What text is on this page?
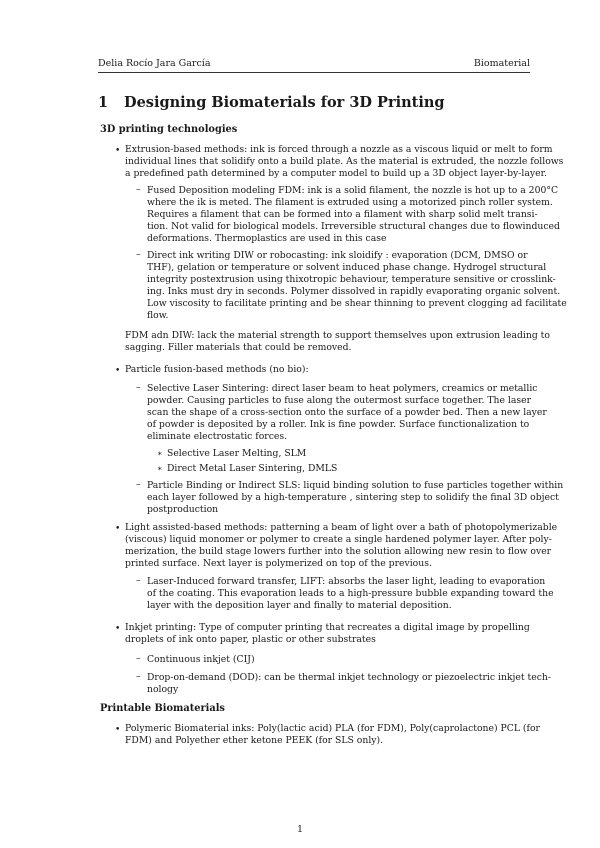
Delia Rocío Jara García	Biomaterial
1 Designing Biomaterials for 3D Printing
3D printing technologies
• Extrusion-based methods: ink is forced through a nozzle as a viscous liquid or melt to form
individual lines that solidify onto a build plate. As the material is extruded, the nozzle follows
a predefined path determined by a computer model to build up a 3D object layer-by-layer.
– Fused Deposition modeling FDM: ink is a solid filament, the nozzle is hot up to a 200°C
where the ik is meted. The filament is extruded using a motorized pinch roller system.
Requires a filament that can be formed into a filament with sharp solid melt transi-
tion. Not valid for biological models. Irreversible structural changes due to flowinduced
deformations. Thermoplastics are used in this case
– Direct ink writing DIW or robocasting: ink sloidify : evaporation (DCM, DMSO or
THF), gelation or temperature or solvent induced phase change. Hydrogel structural
integrity postextrusion using thixotropic behaviour, temperature sensitive or crosslink-
ing. Inks must dry in seconds. Polymer dissolved in rapidly evaporating organic solvent.
Low viscosity to facilitate printing and be shear thinning to prevent clogging ad facilitate
flow.
FDM adn DIW: lack the material strength to support themselves upon extrusion leading to
sagging. Filler materials that could be removed.
• Particle fusion-based methods (no bio):
– Selective Laser Sintering: direct laser beam to heat polymers, creamics or metallic
powder. Causing particles to fuse along the outermost surface together. The laser
scan the shape of a cross-section onto the surface of a powder bed. Then a new layer
of powder is deposited by a roller. Ink is fine powder. Surface functionalization to
eliminate electrostatic forces.
∗ Selective Laser Melting, SLM
∗ Direct Metal Laser Sintering, DMLS
– Particle Binding or Indirect SLS: liquid binding solution to fuse particles together within
each layer followed by a high-temperature , sintering step to solidify the final 3D object
postproduction
• Light assisted-based methods: patterning a beam of light over a bath of photopolymerizable
(viscous) liquid monomer or polymer to create a single hardened polymer layer. After poly-
merization, the build stage lowers further into the solution allowing new resin to flow over
printed surface. Next layer is polymerized on top of the previous.
– Laser-Induced forward transfer, LIFT: absorbs the laser light, leading to evaporation
of the coating. This evaporation leads to a high-pressure bubble expanding toward the
layer with the deposition layer and finally to material deposition.
• Inkjet printing: Type of computer printing that recreates a digital image by propelling
droplets of ink onto paper, plastic or other substrates
– Continuous inkjet (CIJ)
– Drop-on-demand (DOD): can be thermal inkjet technology or piezoelectric inkjet tech-
nology
Printable Biomaterials
• Polymeric Biomaterial inks: Poly(lactic acid) PLA (for FDM), Poly(caprolactone) PCL (for
FDM) and Polyether ether ketone PEEK (for SLS only).
1
